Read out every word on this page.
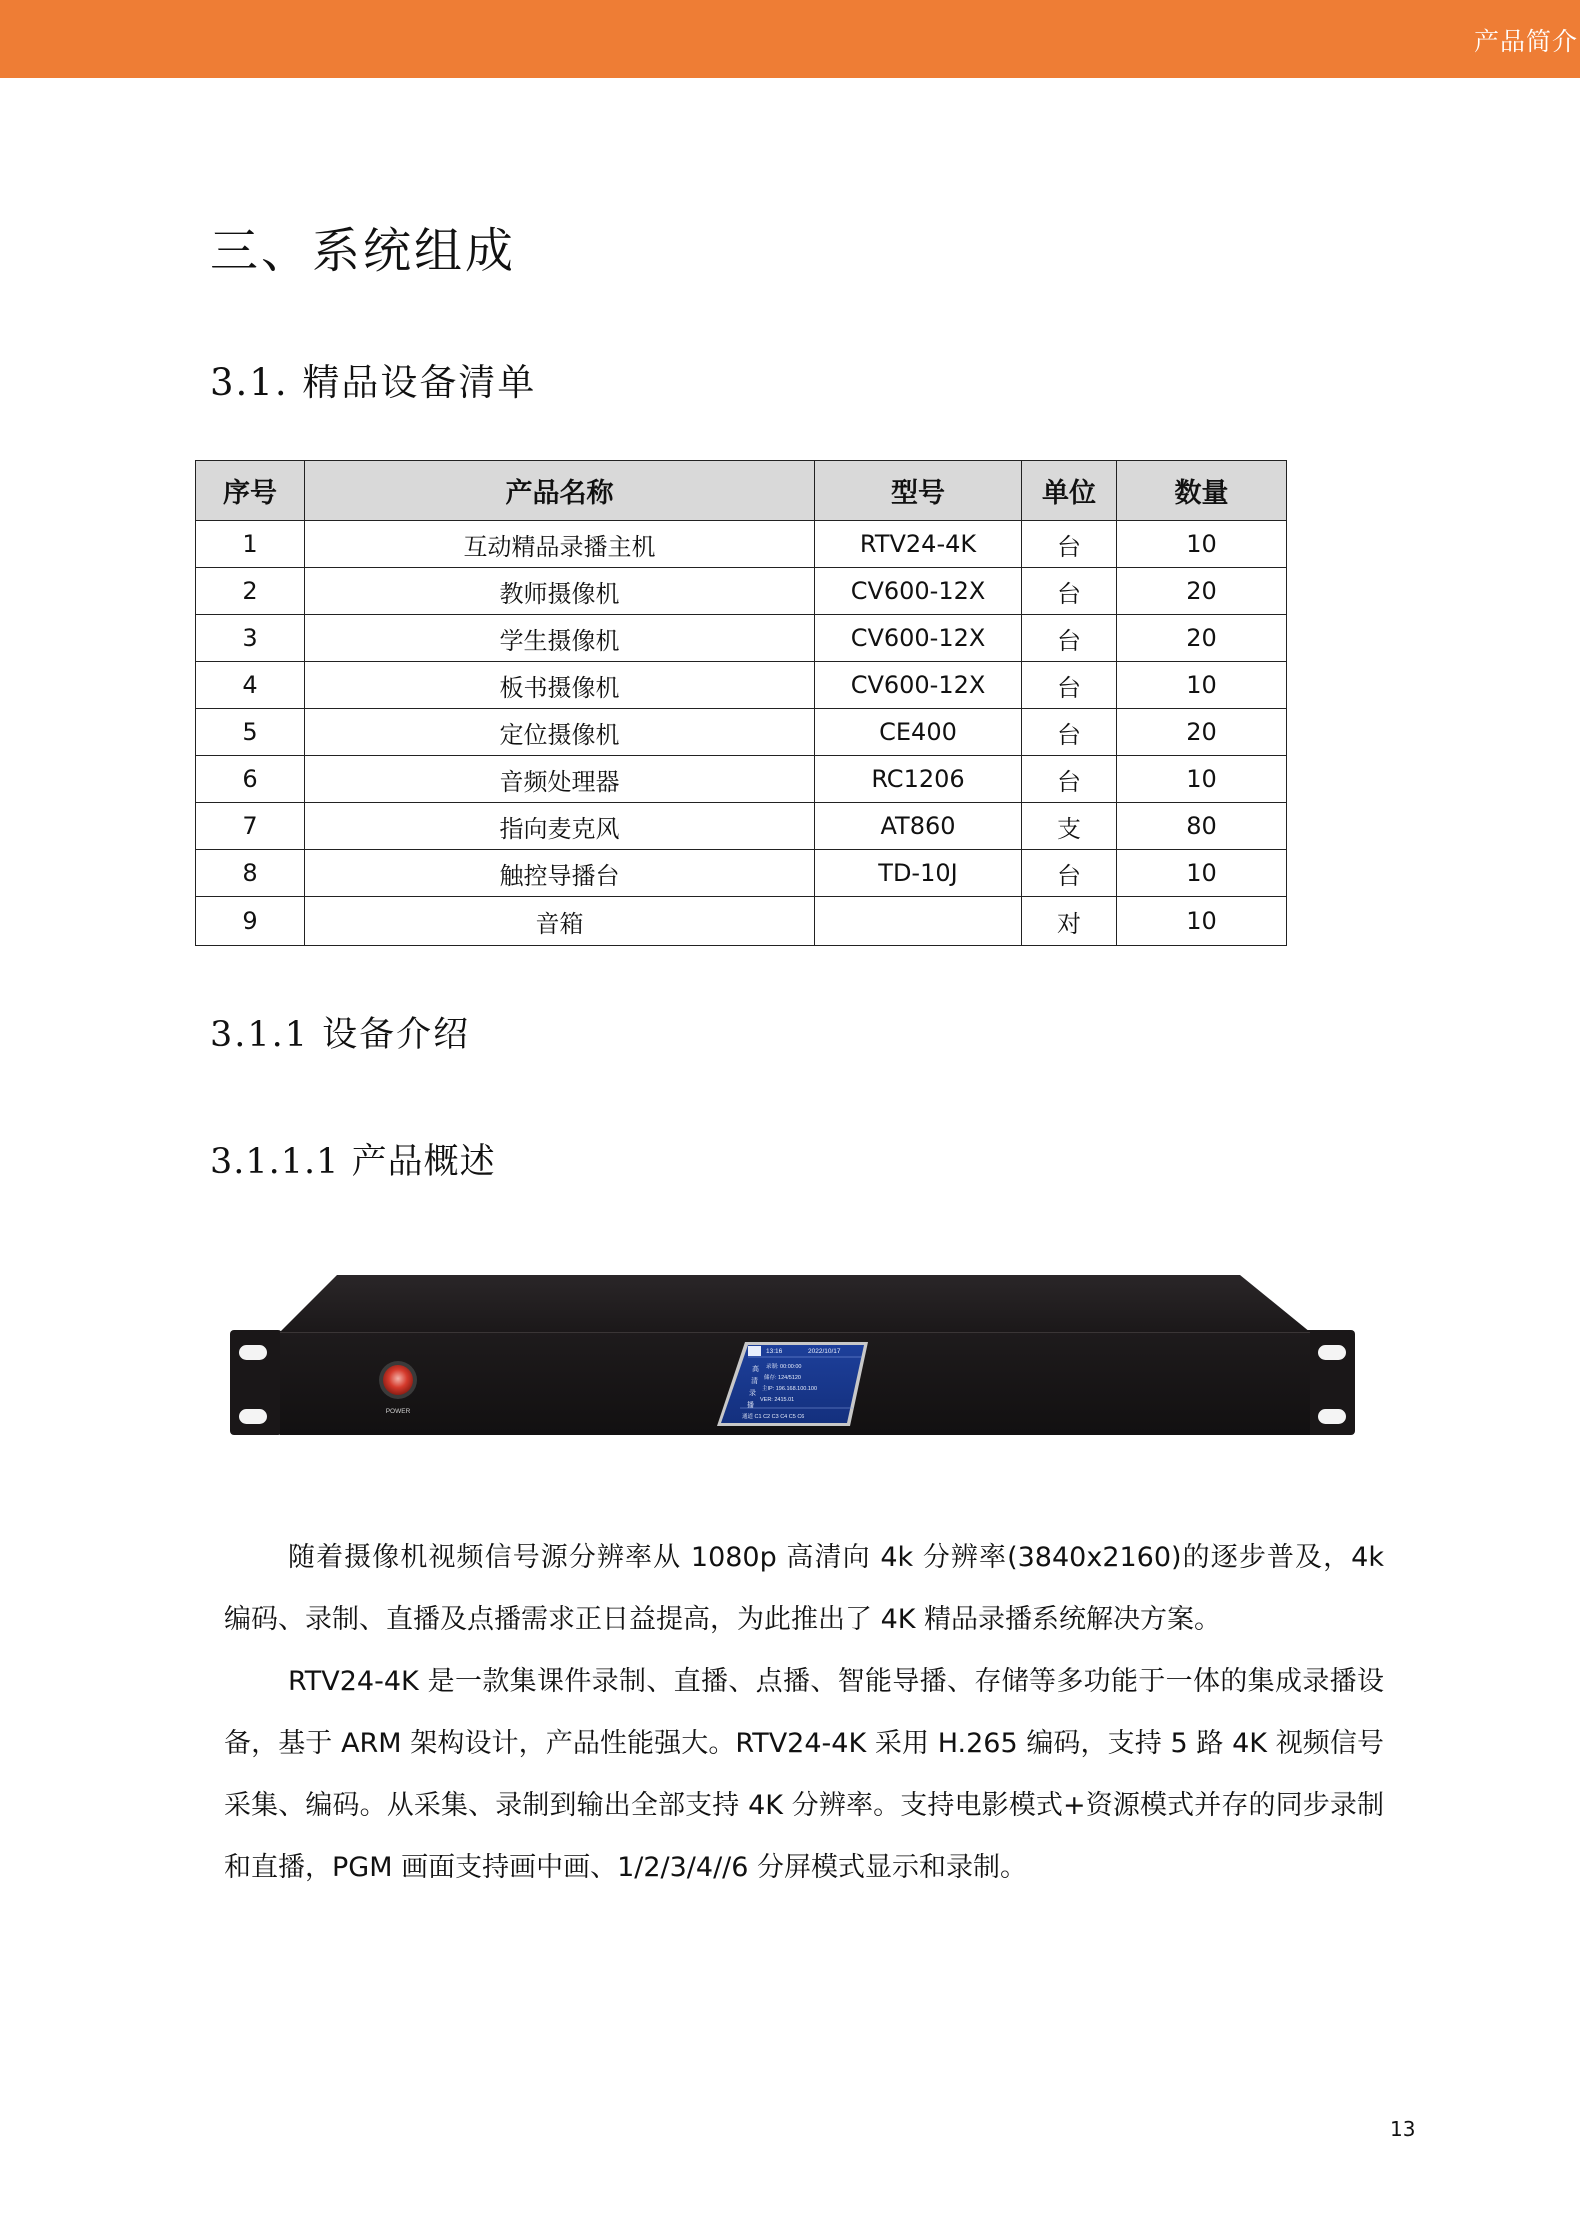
产品简介
三、系统组成
3.1. 精品设备清单
序号	产品名称	型号	单位	数量
1	互动精品录播主机	RTV24-4K	台	10
2	教师摄像机	CV600-12X	台	20
3	学生摄像机	CV600-12X	台	20
4	板书摄像机	CV600-12X	台	10
5	定位摄像机	CE400	台	20
6	音频处理器	RC1206	台	10
7	指向麦克风	AT860	支	80
8	触控导播台	TD-10J	台	10
9	音箱		对	10
3.1.1 设备介绍
3.1.1.1 产品概述
POWER
13:16	2022/10/17
高
清
录
播
录制: 00:00:00
储存: 124/5120
主IP: 196.168.100.100
VER: 2415.01
通道 C1 C2 C3 C4 C5 C6
随着摄像机视频信号源分辨率从 1080p 高清向 4k 分辨率(3840x2160)的逐步普及，4k 编码、录制、直播及点播需求正日益提高，为此推出了 4K 精品录播系统解决方案。
RTV24-4K 是一款集课件录制、直播、点播、智能导播、存储等多功能于一体的集成录播设备，基于 ARM 架构设计，产品性能强大。RTV24-4K 采用 H.265 编码，支持 5 路 4K 视频信号采集、编码。从采集、录制到输出全部支持 4K 分辨率。支持电影模式+资源模式并存的同步录制和直播，PGM 画面支持画中画、1/2/3/4//6 分屏模式显示和录制。
13
